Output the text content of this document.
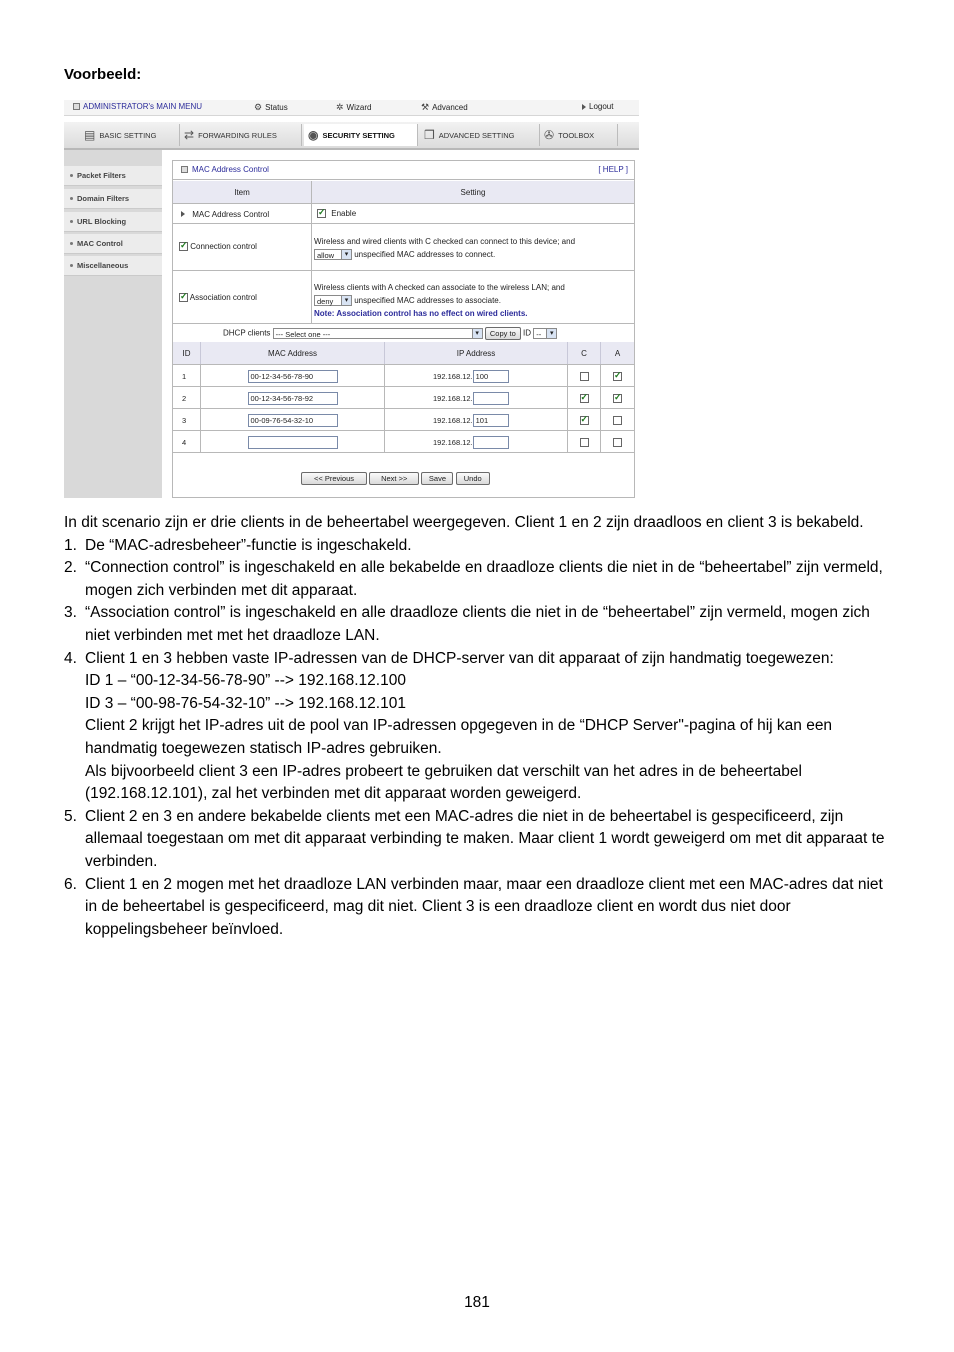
Voorbeeld:
ADMINISTRATOR's MAIN MENU	⚙ Status	✲ Wizard	⚒ Advanced	Logout
▤ BASIC SETTING ⇄ FORWARDING RULES	◉ SECURITY SETTING ❒ ADVANCED SETTING ✇ TOOLBOX
Packet Filters
Domain Filters
URL Blocking
MAC Control
Miscellaneous
MAC Address Control	[ HELP ]
Item	Setting
MAC Address Control
✓	Enable
✓ Connection control
Wireless and wired clients with C checked can connect to this device; and
allow ▾	unspecified MAC addresses to connect.
✓ Association control
Wireless clients with A checked can associate to the wireless LAN; and
deny ▾	unspecified MAC addresses to associate.
Note: Association control has no effect on wired clients.
DHCP clients --- Select one --- ▾	Copy to ID -- ▾
ID	MAC Address	IP Address	C	A
1	00-12-34-56-78-90	192.168.12. 100
✓
2	00-12-34-56-78-92	192.168.12.
✓
✓
3	00-09-76-54-32-10	192.168.12. 101
✓
4	192.168.12.
<< Previous	Next >>	Save Undo

In dit scenario zijn er drie clients in de beheertabel weergegeven. Client 1 en 2 zijn draadloos en client 3 is bekabeld.

1. De “MAC-adresbeheer”-functie is ingeschakeld.
2. “Connection control” is ingeschakeld en alle bekabelde en draadloze clients die niet in de “beheertabel” zijn vermeld, mogen zich verbinden met dit apparaat.
3. “Association control” is ingeschakeld en alle draadloze clients die niet in de “beheertabel” zijn vermeld, mogen zich niet verbinden met met het draadloze LAN.
4. Client 1 en 3 hebben vaste IP-adressen van de DHCP-server van dit apparaat of zijn handmatig toegewezen:
ID 1 – “00-12-34-56-78-90” --> 192.168.12.100
ID 3 – “00-98-76-54-32-10” --> 192.168.12.101
Client 2 krijgt het IP-adres uit de pool van IP-adressen opgegeven in de “DHCP Server"-pagina of hij kan een handmatig toegewezen statisch IP-adres gebruiken.
Als bijvoorbeeld client 3 een IP-adres probeert te gebruiken dat verschilt van het adres in de beheertabel (192.168.12.101), zal het verbinden met dit apparaat worden geweigerd.
5. Client 2 en 3 en andere bekabelde clients met een MAC-adres die niet in de beheertabel is gespecificeerd, zijn allemaal toegestaan om met dit apparaat verbinding te maken. Maar client 1 wordt geweigerd om met dit apparaat te verbinden.
6. Client 1 en 2 mogen met het draadloze LAN verbinden maar, maar een draadloze client met een MAC-adres dat niet in de beheertabel is gespecificeerd, mag dit niet. Client 3 is een draadloze client en wordt dus niet door koppelingsbeheer beïnvloed.
181
